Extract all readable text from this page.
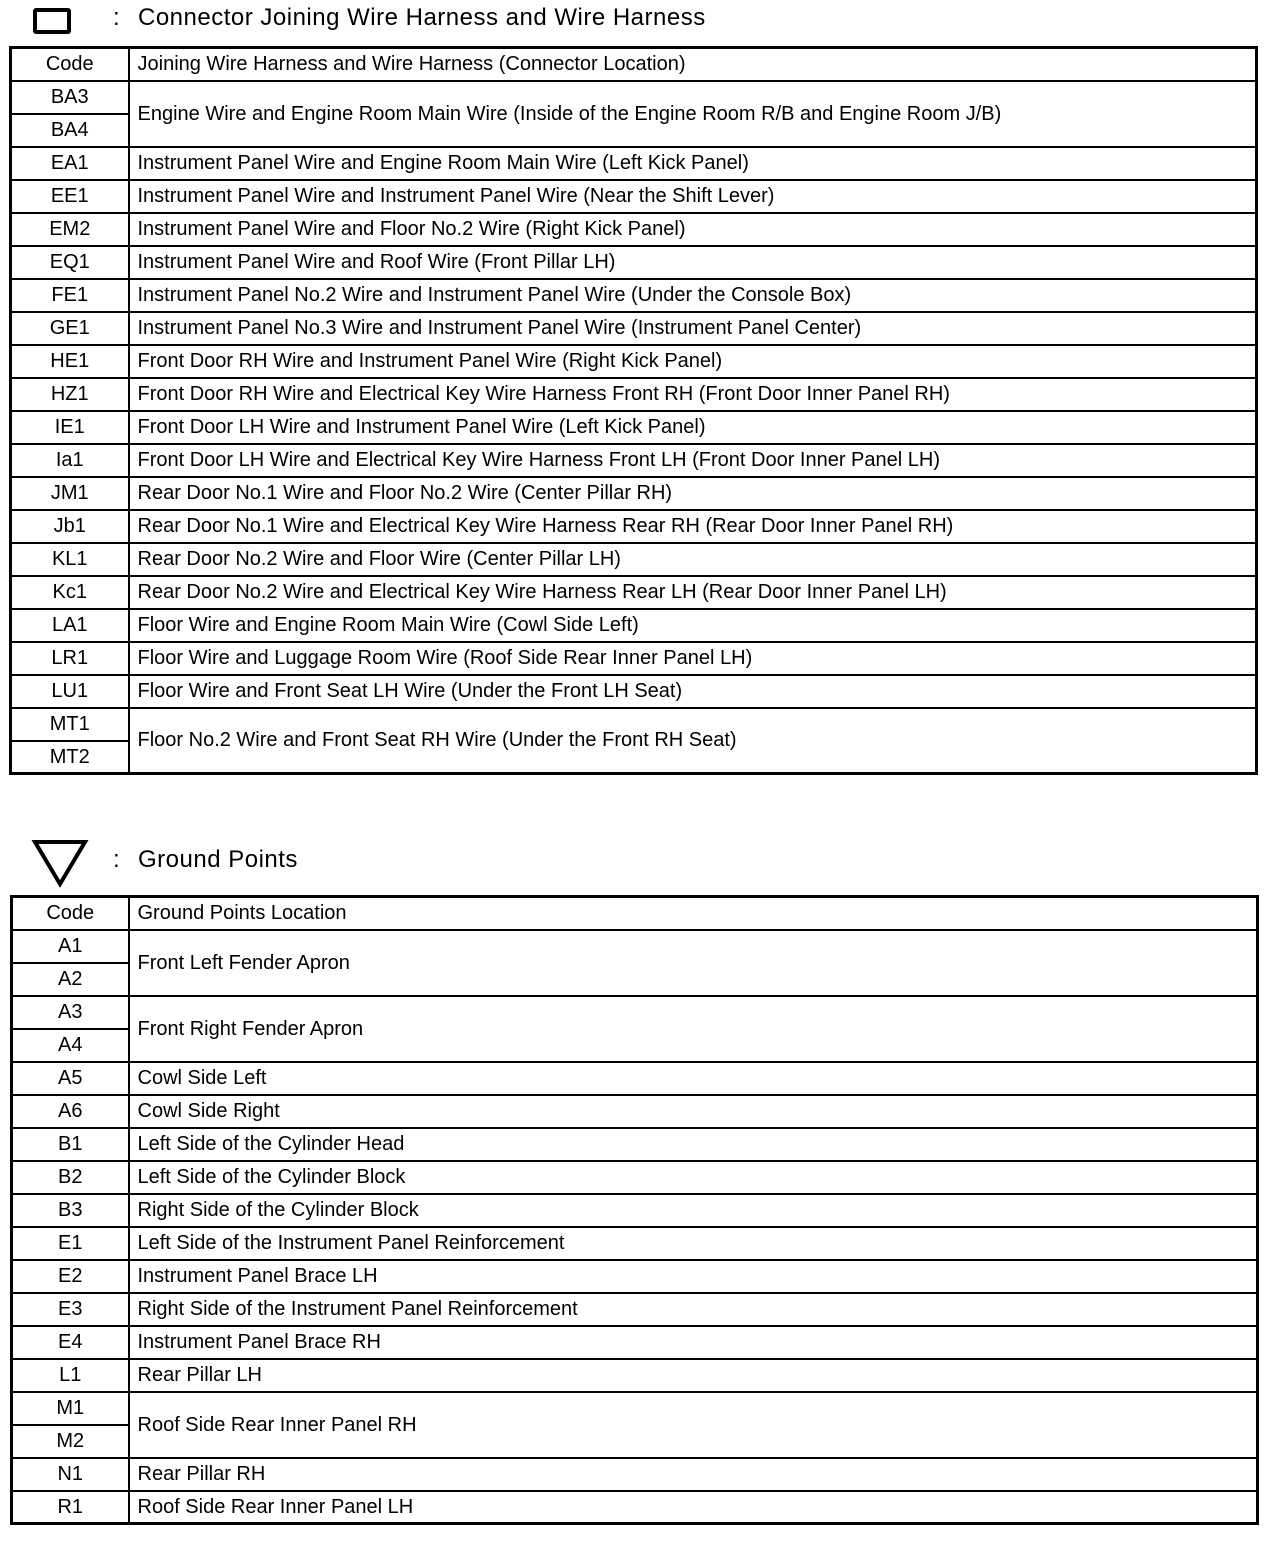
: Connector Joining Wire Harness and Wire Harness
Code	Joining Wire Harness and Wire Harness (Connector Location)
BA3	Engine Wire and Engine Room Main Wire (Inside of the Engine Room R/B and Engine Room J/B)
BA4	
EA1	Instrument Panel Wire and Engine Room Main Wire (Left Kick Panel)
EE1	Instrument Panel Wire and Instrument Panel Wire (Near the Shift Lever)
EM2	Instrument Panel Wire and Floor No.2 Wire (Right Kick Panel)
EQ1	Instrument Panel Wire and Roof Wire (Front Pillar LH)
FE1	Instrument Panel No.2 Wire and Instrument Panel Wire (Under the Console Box)
GE1	Instrument Panel No.3 Wire and Instrument Panel Wire (Instrument Panel Center)
HE1	Front Door RH Wire and Instrument Panel Wire (Right Kick Panel)
HZ1	Front Door RH Wire and Electrical Key Wire Harness Front RH (Front Door Inner Panel RH)
IE1	Front Door LH Wire and Instrument Panel Wire (Left Kick Panel)
Ia1	Front Door LH Wire and Electrical Key Wire Harness Front LH (Front Door Inner Panel LH)
JM1	Rear Door No.1 Wire and Floor No.2 Wire (Center Pillar RH)
Jb1	Rear Door No.1 Wire and Electrical Key Wire Harness Rear RH (Rear Door Inner Panel RH)
KL1	Rear Door No.2 Wire and Floor Wire (Center Pillar LH)
Kc1	Rear Door No.2 Wire and Electrical Key Wire Harness Rear LH (Rear Door Inner Panel LH)
LA1	Floor Wire and Engine Room Main Wire (Cowl Side Left)
LR1	Floor Wire and Luggage Room Wire (Roof Side Rear Inner Panel LH)
LU1	Floor Wire and Front Seat LH Wire (Under the Front LH Seat)
MT1	Floor No.2 Wire and Front Seat RH Wire (Under the Front RH Seat)
MT2	
: Ground Points
Code	Ground Points Location
A1	Front Left Fender Apron
A2	
A3	Front Right Fender Apron
A4	
A5	Cowl Side Left
A6	Cowl Side Right
B1	Left Side of the Cylinder Head
B2	Left Side of the Cylinder Block
B3	Right Side of the Cylinder Block
E1	Left Side of the Instrument Panel Reinforcement
E2	Instrument Panel Brace LH
E3	Right Side of the Instrument Panel Reinforcement
E4	Instrument Panel Brace RH
L1	Rear Pillar LH
M1	Roof Side Rear Inner Panel RH
M2	
N1	Rear Pillar RH
R1	Roof Side Rear Inner Panel LH
